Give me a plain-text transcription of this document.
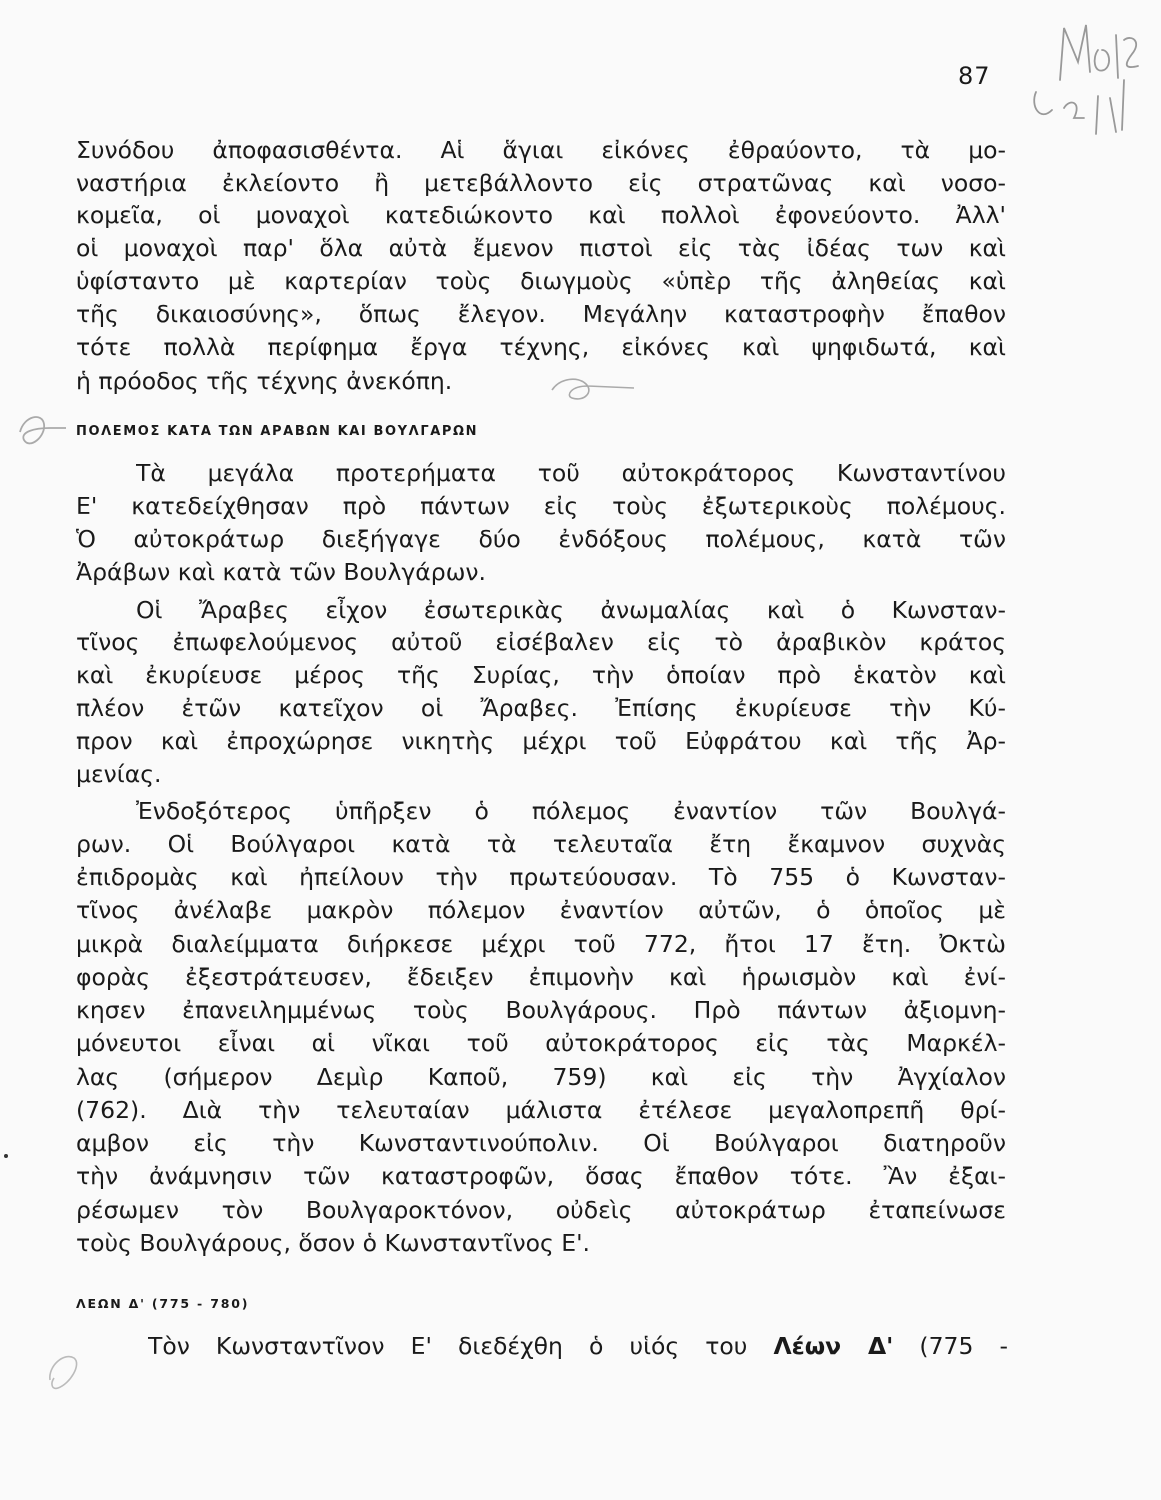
87
Συνόδου ἀποφασισθέντα. Αἱ ἅγιαι εἰκόνες ἐθραύοντο, τὰ μο-
ναστήρια ἐκλείοντο ἢ μετεβάλλοντο εἰς στρατῶνας καὶ νοσο-
κομεῖα, οἱ μοναχοὶ κατεδιώκοντο καὶ πολλοὶ ἐφονεύοντο. Ἀλλ'
οἱ μοναχοὶ παρ' ὅλα αὐτὰ ἔμενον πιστοὶ εἰς τὰς ἰδέας των καὶ
ὑφίσταντο μὲ καρτερίαν τοὺς διωγμοὺς «ὑπὲρ τῆς ἀληθείας καὶ
τῆς δικαιοσύνης», ὅπως ἔλεγον. Μεγάλην καταστροφὴν ἔπαθον
τότε πολλὰ περίφημα ἔργα τέχνης, εἰκόνες καὶ ψηφιδωτά, καὶ
ἡ πρόοδος τῆς τέχνης ἀνεκόπη.
ΠΟΛΕΜΟΣ ΚΑΤΑ ΤΩΝ ΑΡΑΒΩΝ ΚΑΙ ΒΟΥΛΓΑΡΩΝ
Τὰ μεγάλα προτερήματα τοῦ αὐτοκράτορος Κωνσταντίνου
Ε' κατεδείχθησαν πρὸ πάντων εἰς τοὺς ἐξωτερικοὺς πολέμους.
Ὁ αὐτοκράτωρ διεξήγαγε δύο ἐνδόξους πολέμους, κατὰ τῶν
Ἀράβων καὶ κατὰ τῶν Βουλγάρων.
Οἱ Ἄραβες εἶχον ἐσωτερικὰς ἀνωμαλίας καὶ ὁ Κωνσταν-
τῖνος ἐπωφελούμενος αὐτοῦ εἰσέβαλεν εἰς τὸ ἀραβικὸν κράτος
καὶ ἐκυρίευσε μέρος τῆς Συρίας, τὴν ὁποίαν πρὸ ἑκατὸν καὶ
πλέον ἐτῶν κατεῖχον οἱ Ἄραβες. Ἐπίσης ἐκυρίευσε τὴν Κύ-
προν καὶ ἐπροχώρησε νικητὴς μέχρι τοῦ Εὐφράτου καὶ τῆς Ἀρ-
μενίας.
Ἐνδοξότερος ὑπῆρξεν ὁ πόλεμος ἐναντίον τῶν Βουλγά-
ρων. Οἱ Βούλγαροι κατὰ τὰ τελευταῖα ἔτη ἔκαμνον συχνὰς
ἐπιδρομὰς καὶ ἠπείλουν τὴν πρωτεύουσαν. Τὸ 755 ὁ Κωνσταν-
τῖνος ἀνέλαβε μακρὸν πόλεμον ἐναντίον αὐτῶν, ὁ ὁποῖος μὲ
μικρὰ διαλείμματα διήρκεσε μέχρι τοῦ 772, ἤτοι 17 ἔτη. Ὀκτὼ
φορὰς ἐξεστράτευσεν, ἔδειξεν ἐπιμονὴν καὶ ἡρωισμὸν καὶ ἐνί-
κησεν ἐπανειλημμένως τοὺς Βουλγάρους. Πρὸ πάντων ἀξιομνη-
μόνευτοι εἶναι αἱ νῖκαι τοῦ αὐτοκράτορος εἰς τὰς Μαρκέλ-
λας (σήμερον Δεμὶρ Καποῦ, 759) καὶ εἰς τὴν Ἀγχίαλον
(762). Διὰ τὴν τελευταίαν μάλιστα ἐτέλεσε μεγαλοπρεπῆ θρί-
αμβον εἰς τὴν Κωνσταντινούπολιν. Οἱ Βούλγαροι διατηροῦν
τὴν ἀνάμνησιν τῶν καταστροφῶν, ὅσας ἔπαθον τότε. Ἂν ἐξαι-
ρέσωμεν τὸν Βουλγαροκτόνον, οὐδεὶς αὐτοκράτωρ ἐταπείνωσε
τοὺς Βουλγάρους, ὅσον ὁ Κωνσταντῖνος Ε'.
ΛΕΩΝ Δ' (775 - 780)
Τὸν Κωνσταντῖνον Ε' διεδέχθη ὁ υἱός του Λέων Δ' (775 -
